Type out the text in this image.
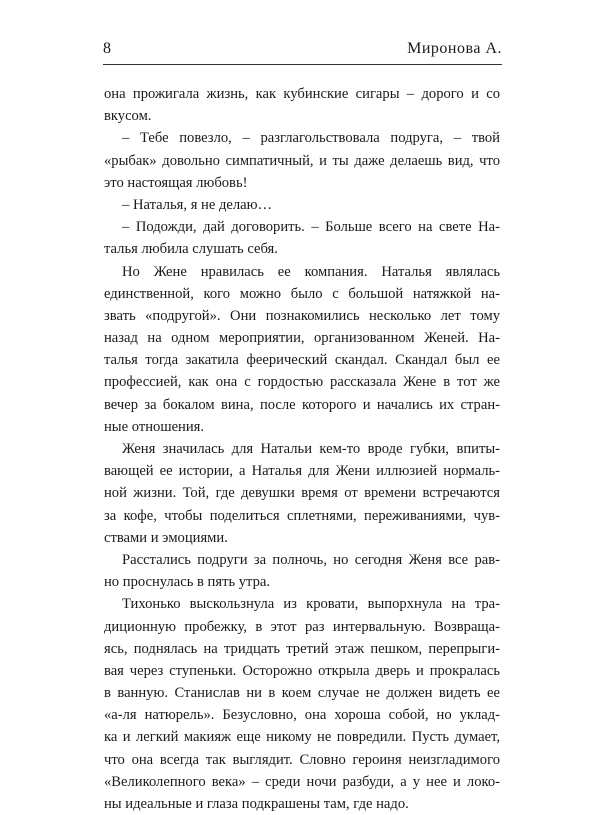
8	Миронова А.
она прожигала жизнь, как кубинские сигары – дорого и со
вкусом.
– Тебе повезло, – разглагольствовала подруга, – твой
«рыбак» довольно симпатичный, и ты даже делаешь вид, что
это настоящая любовь!
– Наталья, я не делаю…
– Подожди, дай договорить. – Больше всего на свете На-
талья любила слушать себя.
Но Жене нравилась ее компания. Наталья являлась
единственной, кого можно было с большой натяжкой на-
звать «подругой». Они познакомились несколько лет тому
назад на одном мероприятии, организованном Женей. На-
талья тогда закатила феерический скандал. Скандал был ее
профессией, как она с гордостью рассказала Жене в тот же
вечер за бокалом вина, после которого и начались их стран-
ные отношения.
Женя значилась для Натальи кем-то вроде губки, впиты-
вающей ее истории, а Наталья для Жени иллюзией нормаль-
ной жизни. Той, где девушки время от времени встречаются
за кофе, чтобы поделиться сплетнями, переживаниями, чув-
ствами и эмоциями.
Расстались подруги за полночь, но сегодня Женя все рав-
но проснулась в пять утра.
Тихонько выскользнула из кровати, выпорхнула на тра-
диционную пробежку, в этот раз интервальную. Возвраща-
ясь, поднялась на тридцать третий этаж пешком, перепрыги-
вая через ступеньки. Осторожно открыла дверь и прокралась
в ванную. Станислав ни в коем случае не должен видеть ее
«а-ля натюрель». Безусловно, она хороша собой, но уклад-
ка и легкий макияж еще никому не повредили. Пусть думает,
что она всегда так выглядит. Словно героиня неизгладимого
«Великолепного века» – среди ночи разбуди, а у нее и локо-
ны идеальные и глаза подкрашены там, где надо.
